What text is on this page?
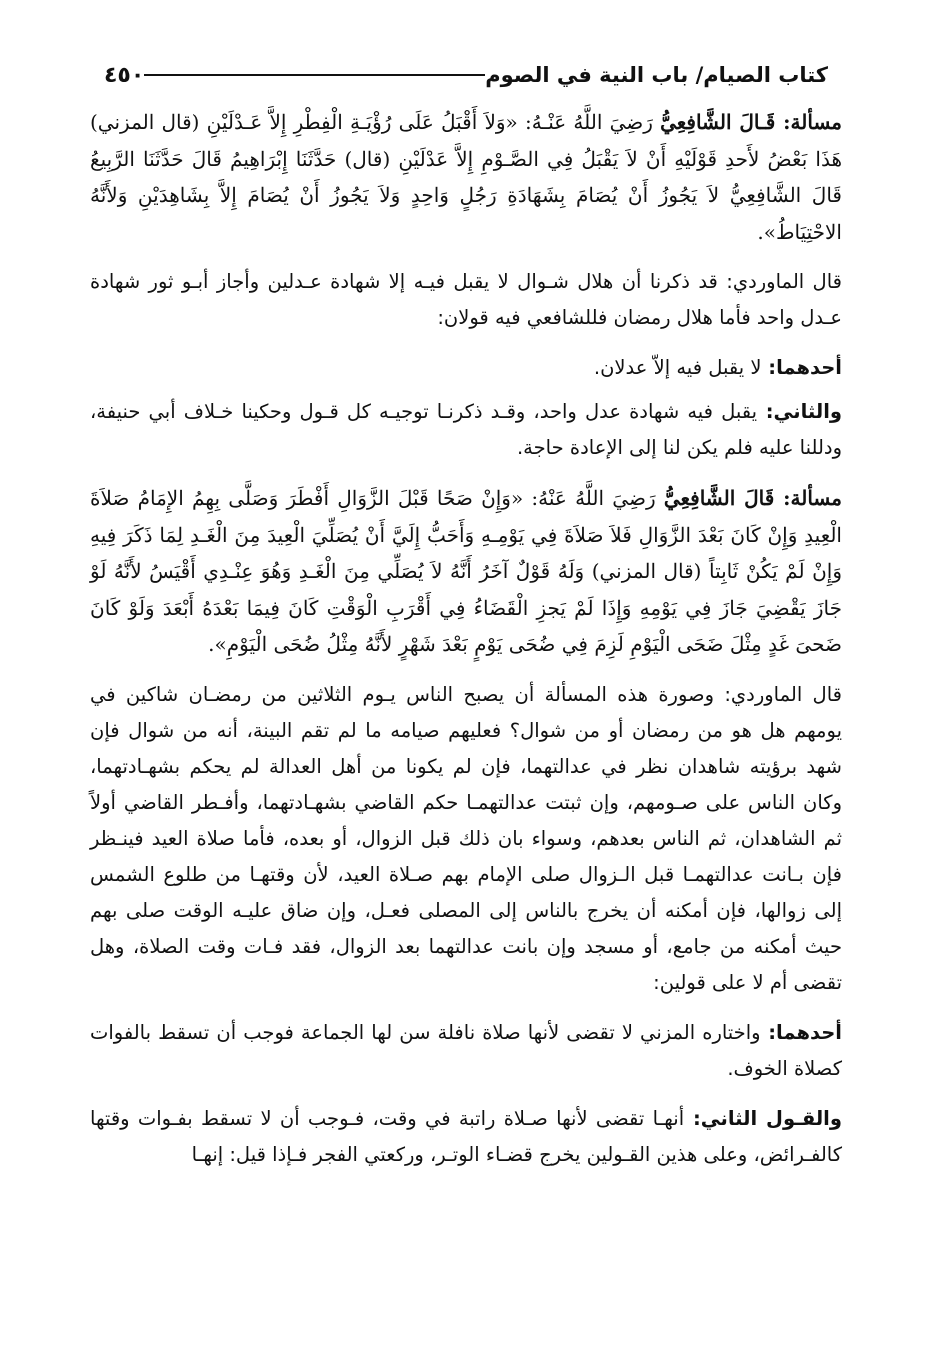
كتاب الصيام/ باب النية في الصوم
٤٥٠

مسألة: قَـالَ الشَّافِعِيُّ رَضِيَ اللَّهُ عَنْـهُ: «وَلاَ أَقْبَلُ عَلَى رُؤْيَـةِ الْفِطْرِ إِلاَّ عَـدْلَيْنِ (قال المزني) هَذَا بَعْضُ لأَحدِ قَوْلَيْهِ أَنْ لاَ يَقْبَلُ فِي الصَّـوْمِ إِلاَّ عَدْلَيْنِ (قال) حَدَّثَنَا إِبْرَاهِيمُ قَالَ حَدَّثَنَا الرَّبِيعُ قَالَ الشَّافِعِيُّ لاَ يَجُوزُ أَنْ يُصَامَ بِشَهَادَةِ رَجُلٍ وَاحِدٍ وَلاَ يَجُوزُ أَنْ يُصَامَ إِلاَّ بِشَاهِدَيْنِ وَلأَنَّهُ الاحْتِيَاطُ».

قال الماوردي: قد ذكرنا أن هلال شـوال لا يقبل فيـه إلا شهادة عـدلين وأجاز أبـو ثور شهادة عـدل واحد فأما هلال رمضان فللشافعي فيه قولان:

أحدهما: لا يقبل فيه إلاّ عدلان.

والثاني: يقبل فيه شهادة عدل واحد، وقـد ذكرنـا توجيـه كل قـول وحكينا خـلاف أبي حنيفة، ودللنا عليه فلم يكن لنا إلى الإعادة حاجة.

مسألة: قَالَ الشَّافِعِيُّ رَضِيَ اللَّهُ عَنْهُ: «وَإِنْ صَحًا قَبْلَ الزَّوَالِ أَفْطَرَ وَصَلَّى بِهِمُ الإِمَامُ صَلاَةَ الْعِيدِ وَإِنْ كَانَ بَعْدَ الزَّوَالِ فَلاَ صَلاَةَ فِي يَوْمِـهِ وَأَحَبُّ إِلَيَّ أَنْ يُصَلِّيَ الْعِيدَ مِنَ الْغَـدِ لِمَا ذَكَرَ فِيهِ وَإِنْ لَمْ يَكُنْ ثَابِتاً (قال المزني) وَلَهُ قَوْلٌ آخَرُ أَنَّهُ لاَ يُصَلِّي مِنَ الْغَـدِ وَهُوَ عِنْـدِي أَقْيَسُ لأَنَّهُ لَوْ جَازَ يَقْضِيَ جَازَ فِي يَوْمِهِ وَإِذَا لَمْ يَجزِ الْقَضَاءُ فِي أَقْرَبِ الْوَقْتِ كَانَ فِيمَا بَعْدَهُ أَبْعَدَ وَلَوْ كَانَ ضَحىَ غَدٍ مِثْلَ ضَحَى الْيَوْمِ لَزِمَ فِي ضُحَى يَوْمٍ بَعْدَ شَهْرٍ لأَنَّهُ مِثْلُ ضُحَى الْيَوْمِ».

قال الماوردي: وصورة هذه المسألة أن يصبح الناس يـوم الثلاثين من رمضـان شاكين في يومهم هل هو من رمضان أو من شوال؟ فعليهم صيامه ما لم تقم البينة، أنه من شوال فإن شهد برؤيته شاهدان نظر في عدالتهما، فإن لم يكونا من أهل العدالة لم يحكم بشهـادتهما، وكان الناس على صـومهم، وإن ثبتت عدالتهمـا حكم القاضي بشهـادتهما، وأفـطر القاضي أولاً ثم الشاهدان، ثم الناس بعدهم، وسواء بان ذلك قبل الزوال، أو بعده، فأما صلاة العيد فينـظر فإن بـانت عدالتهمـا قبل الـزوال صلى الإمام بهم صـلاة العيد، لأن وقتهـا من طلوع الشمس إلى زوالها، فإن أمكنه أن يخرج بالناس إلى المصلى فعـل، وإن ضاق عليـه الوقت صلى بهم حيث أمكنه من جامع، أو مسجد وإن بانت عدالتهما بعد الزوال، فقد فـات وقت الصلاة، وهل تقضى أم لا على قولين:

أحدهما: واختاره المزني لا تقضى لأنها صلاة نافلة سن لها الجماعة فوجب أن تسقط بالفوات كصلاة الخوف.

والقـول الثاني: أنهـا تقضى لأنها صـلاة راتبة في وقت، فـوجب أن لا تسقط بفـوات وقتها كالفـرائض، وعلى هذين القـولين يخرج قضـاء الوتـر، وركعتي الفجر فـإذا قيل: إنهـا
